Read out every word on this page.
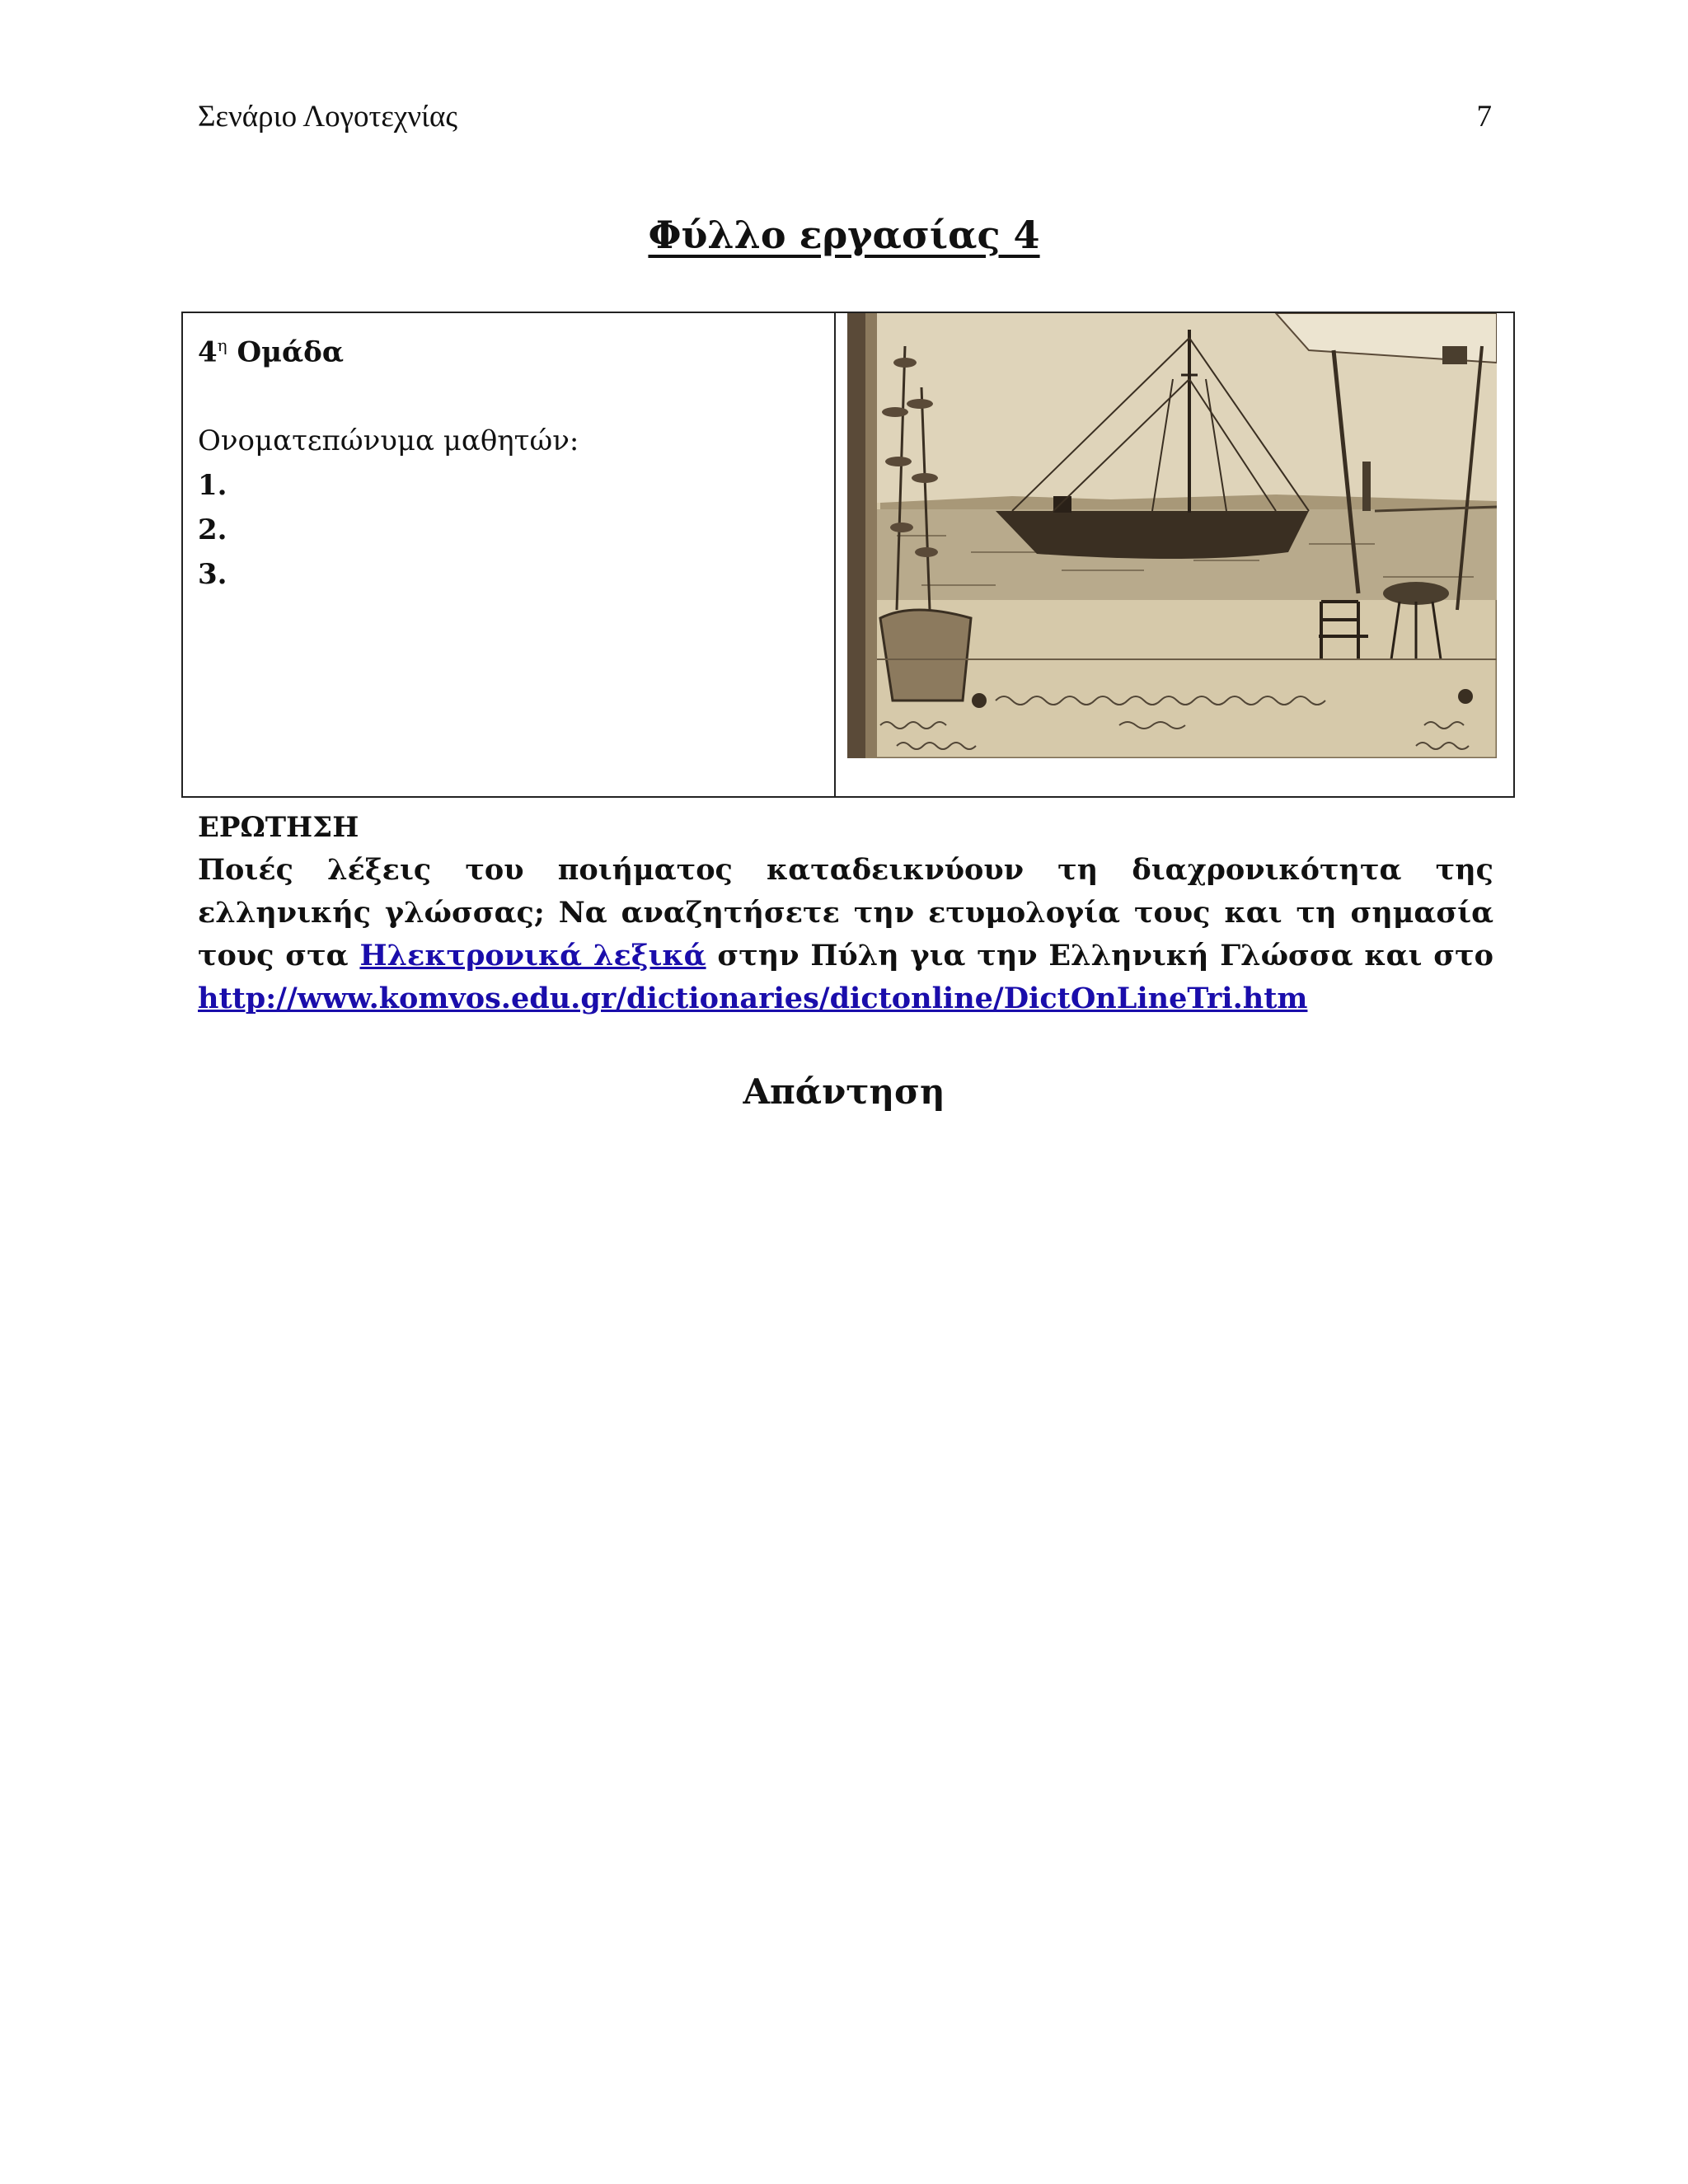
Σενάριο Λογοτεχνίας	7
Φύλλο εργασίας 4
$4^\eta$ Ομάδα
Ονοματεπώνυμα μαθητών:
1.
2.
3.
ΕΡΩΤΗΣΗ

Ποιές λέξεις του ποιήματος καταδεικνύουν τη διαχρονικότητα της ελληνικής γλώσσας; Να αναζητήσετε την ετυμολογία τους και τη σημασία τους στα Ηλεκτρονικά λεξικά στην Πύλη για την Ελληνική Γλώσσα και στο http://www.komvos.edu.gr/dictionaries/dictonline/DictOnLineTri.htm

Απάντηση
